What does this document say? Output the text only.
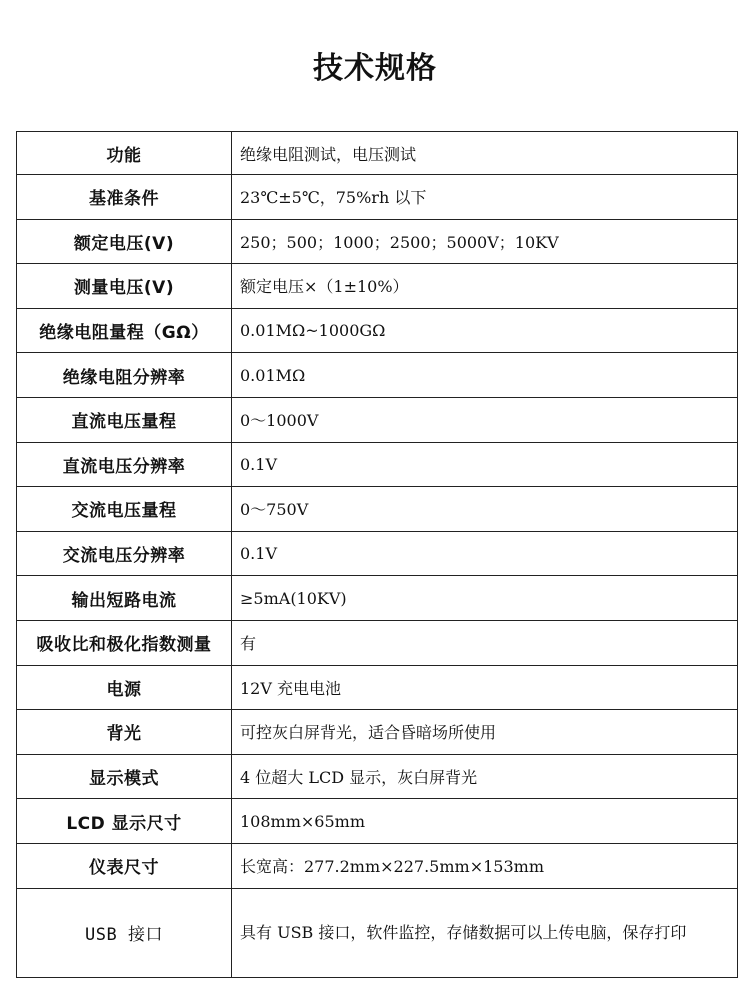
技术规格
功能	绝缘电阻测试，电压测试
基准条件	23℃±5℃，75%rh 以下
额定电压(V)	250；500；1000；2500；5000V；10KV
测量电压(V)	额定电压×（1±10%）
绝缘电阻量程（GΩ）	0.01MΩ~1000GΩ
绝缘电阻分辨率	0.01MΩ
直流电压量程	0～1000V
直流电压分辨率	0.1V
交流电压量程	0～750V
交流电压分辨率	0.1V
输出短路电流	≥5mA(10KV)
吸收比和极化指数测量	有
电源	12V 充电电池
背光	可控灰白屏背光，适合昏暗场所使用
显示模式	4 位超大 LCD 显示，灰白屏背光
LCD 显示尺寸	108mm×65mm
仪表尺寸	长宽高：277.2mm×227.5mm×153mm
USB 接口	具有 USB 接口，软件监控，存储数据可以上传电脑，保存打印
